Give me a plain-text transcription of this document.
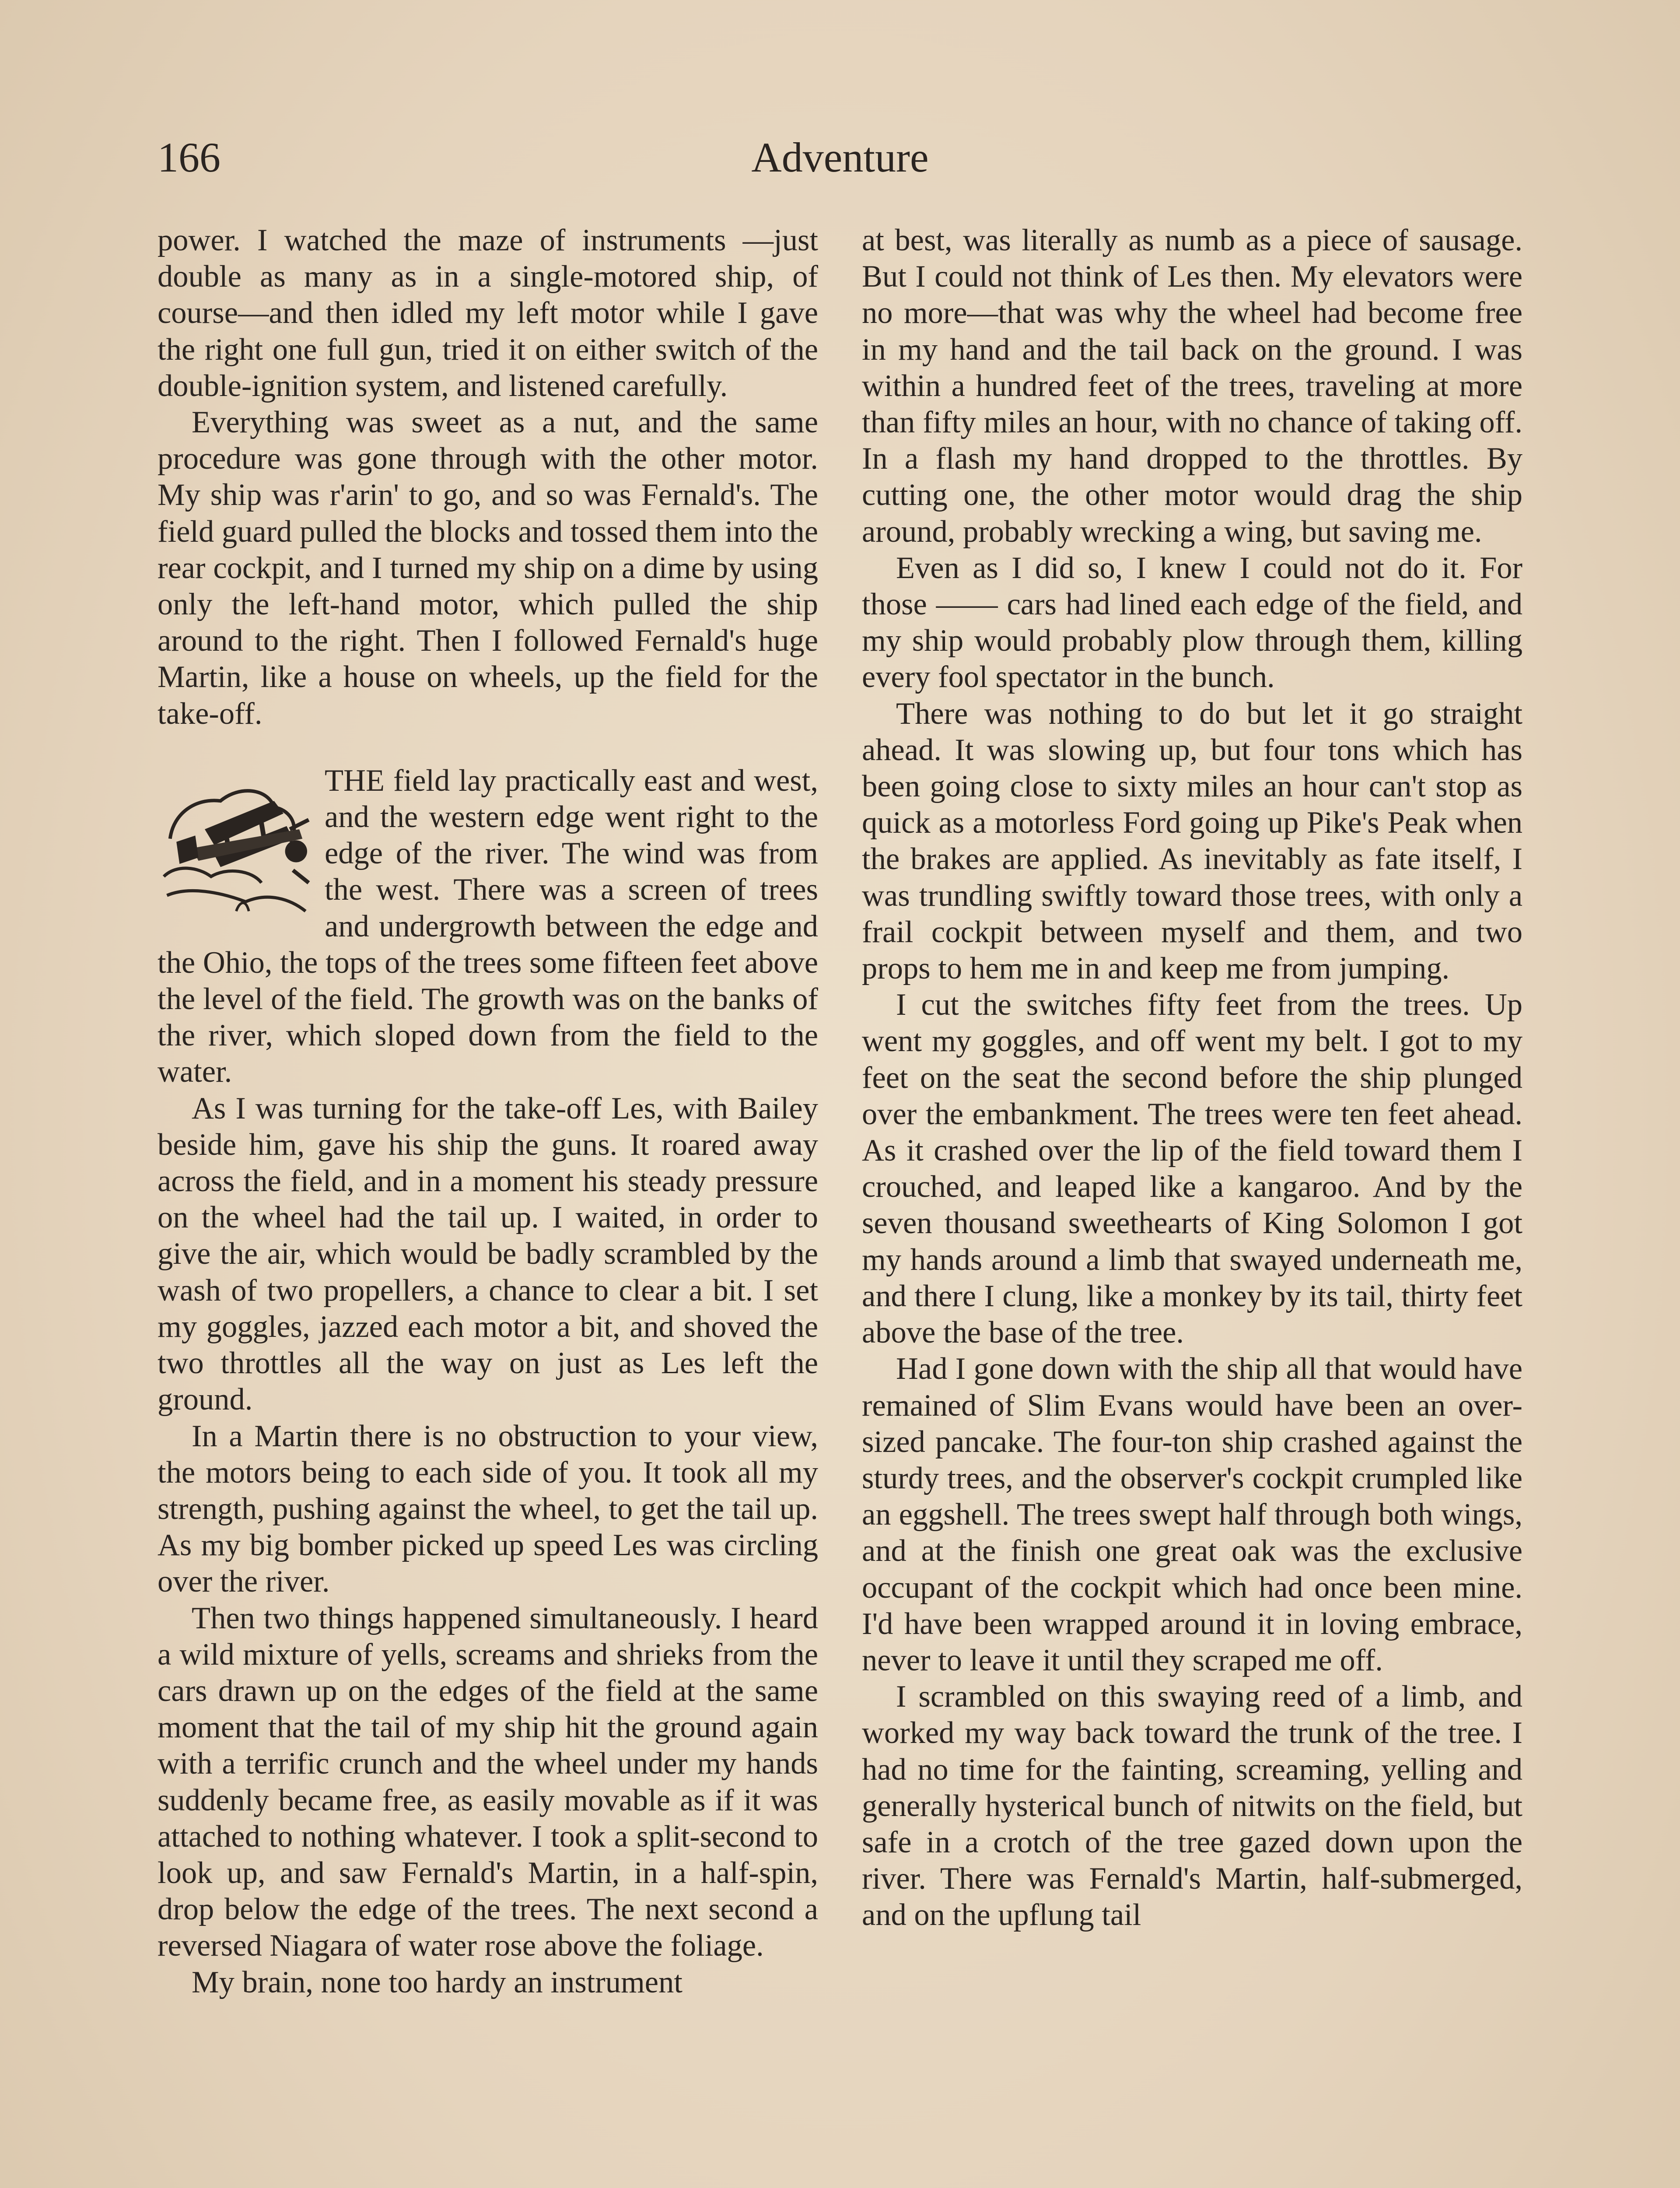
166	Adventure

power. I watched the maze of instruments —just double as many as in a single-motored ship, of course—and then idled my left motor while I gave the right one full gun, tried it on either switch of the double-ignition system, and listened carefully.

Everything was sweet as a nut, and the same procedure was gone through with the other motor. My ship was r'arin' to go, and so was Fernald's. The field guard pulled the blocks and tossed them into the rear cockpit, and I turned my ship on a dime by using only the left-hand motor, which pulled the ship around to the right. Then I followed Fernald's huge Martin, like a house on wheels, up the field for the take-off.

THE field lay practically east and west, and the western edge went right to the edge of the river. The wind was from the west. There was a screen of trees and undergrowth between the edge and the Ohio, the tops of the trees some fifteen feet above the level of the field. The growth was on the banks of the river, which sloped down from the field to the water.

As I was turning for the take-off Les, with Bailey beside him, gave his ship the guns. It roared away across the field, and in a moment his steady pressure on the wheel had the tail up. I waited, in order to give the air, which would be badly scrambled by the wash of two propellers, a chance to clear a bit. I set my goggles, jazzed each motor a bit, and shoved the two throttles all the way on just as Les left the ground.

In a Martin there is no obstruction to your view, the motors being to each side of you. It took all my strength, pushing against the wheel, to get the tail up. As my big bomber picked up speed Les was circling over the river.

Then two things happened simultaneously. I heard a wild mixture of yells, screams and shrieks from the cars drawn up on the edges of the field at the same moment that the tail of my ship hit the ground again with a terrific crunch and the wheel under my hands suddenly became free, as easily movable as if it was attached to nothing whatever. I took a split-second to look up, and saw Fernald's Martin, in a half-spin, drop below the edge of the trees. The next second a reversed Niagara of water rose above the foliage.

My brain, none too hardy an instrument

at best, was literally as numb as a piece of sausage. But I could not think of Les then. My elevators were no more—that was why the wheel had become free in my hand and the tail back on the ground. I was within a hundred feet of the trees, traveling at more than fifty miles an hour, with no chance of taking off. In a flash my hand dropped to the throttles. By cutting one, the other motor would drag the ship around, probably wrecking a wing, but saving me.

Even as I did so, I knew I could not do it. For those —— cars had lined each edge of the field, and my ship would probably plow through them, killing every fool spectator in the bunch.

There was nothing to do but let it go straight ahead. It was slowing up, but four tons which has been going close to sixty miles an hour can't stop as quick as a motorless Ford going up Pike's Peak when the brakes are applied. As inevitably as fate itself, I was trundling swiftly toward those trees, with only a frail cockpit between myself and them, and two props to hem me in and keep me from jumping.

I cut the switches fifty feet from the trees. Up went my goggles, and off went my belt. I got to my feet on the seat the second before the ship plunged over the embankment. The trees were ten feet ahead. As it crashed over the lip of the field toward them I crouched, and leaped like a kangaroo. And by the seven thousand sweethearts of King Solomon I got my hands around a limb that swayed underneath me, and there I clung, like a monkey by its tail, thirty feet above the base of the tree.

Had I gone down with the ship all that would have remained of Slim Evans would have been an over-sized pancake. The four-ton ship crashed against the sturdy trees, and the observer's cockpit crumpled like an eggshell. The trees swept half through both wings, and at the finish one great oak was the exclusive occupant of the cockpit which had once been mine. I'd have been wrapped around it in loving embrace, never to leave it until they scraped me off.

I scrambled on this swaying reed of a limb, and worked my way back toward the trunk of the tree. I had no time for the fainting, screaming, yelling and generally hysterical bunch of nitwits on the field, but safe in a crotch of the tree gazed down upon the river. There was Fernald's Martin, half-submerged, and on the upflung tail
